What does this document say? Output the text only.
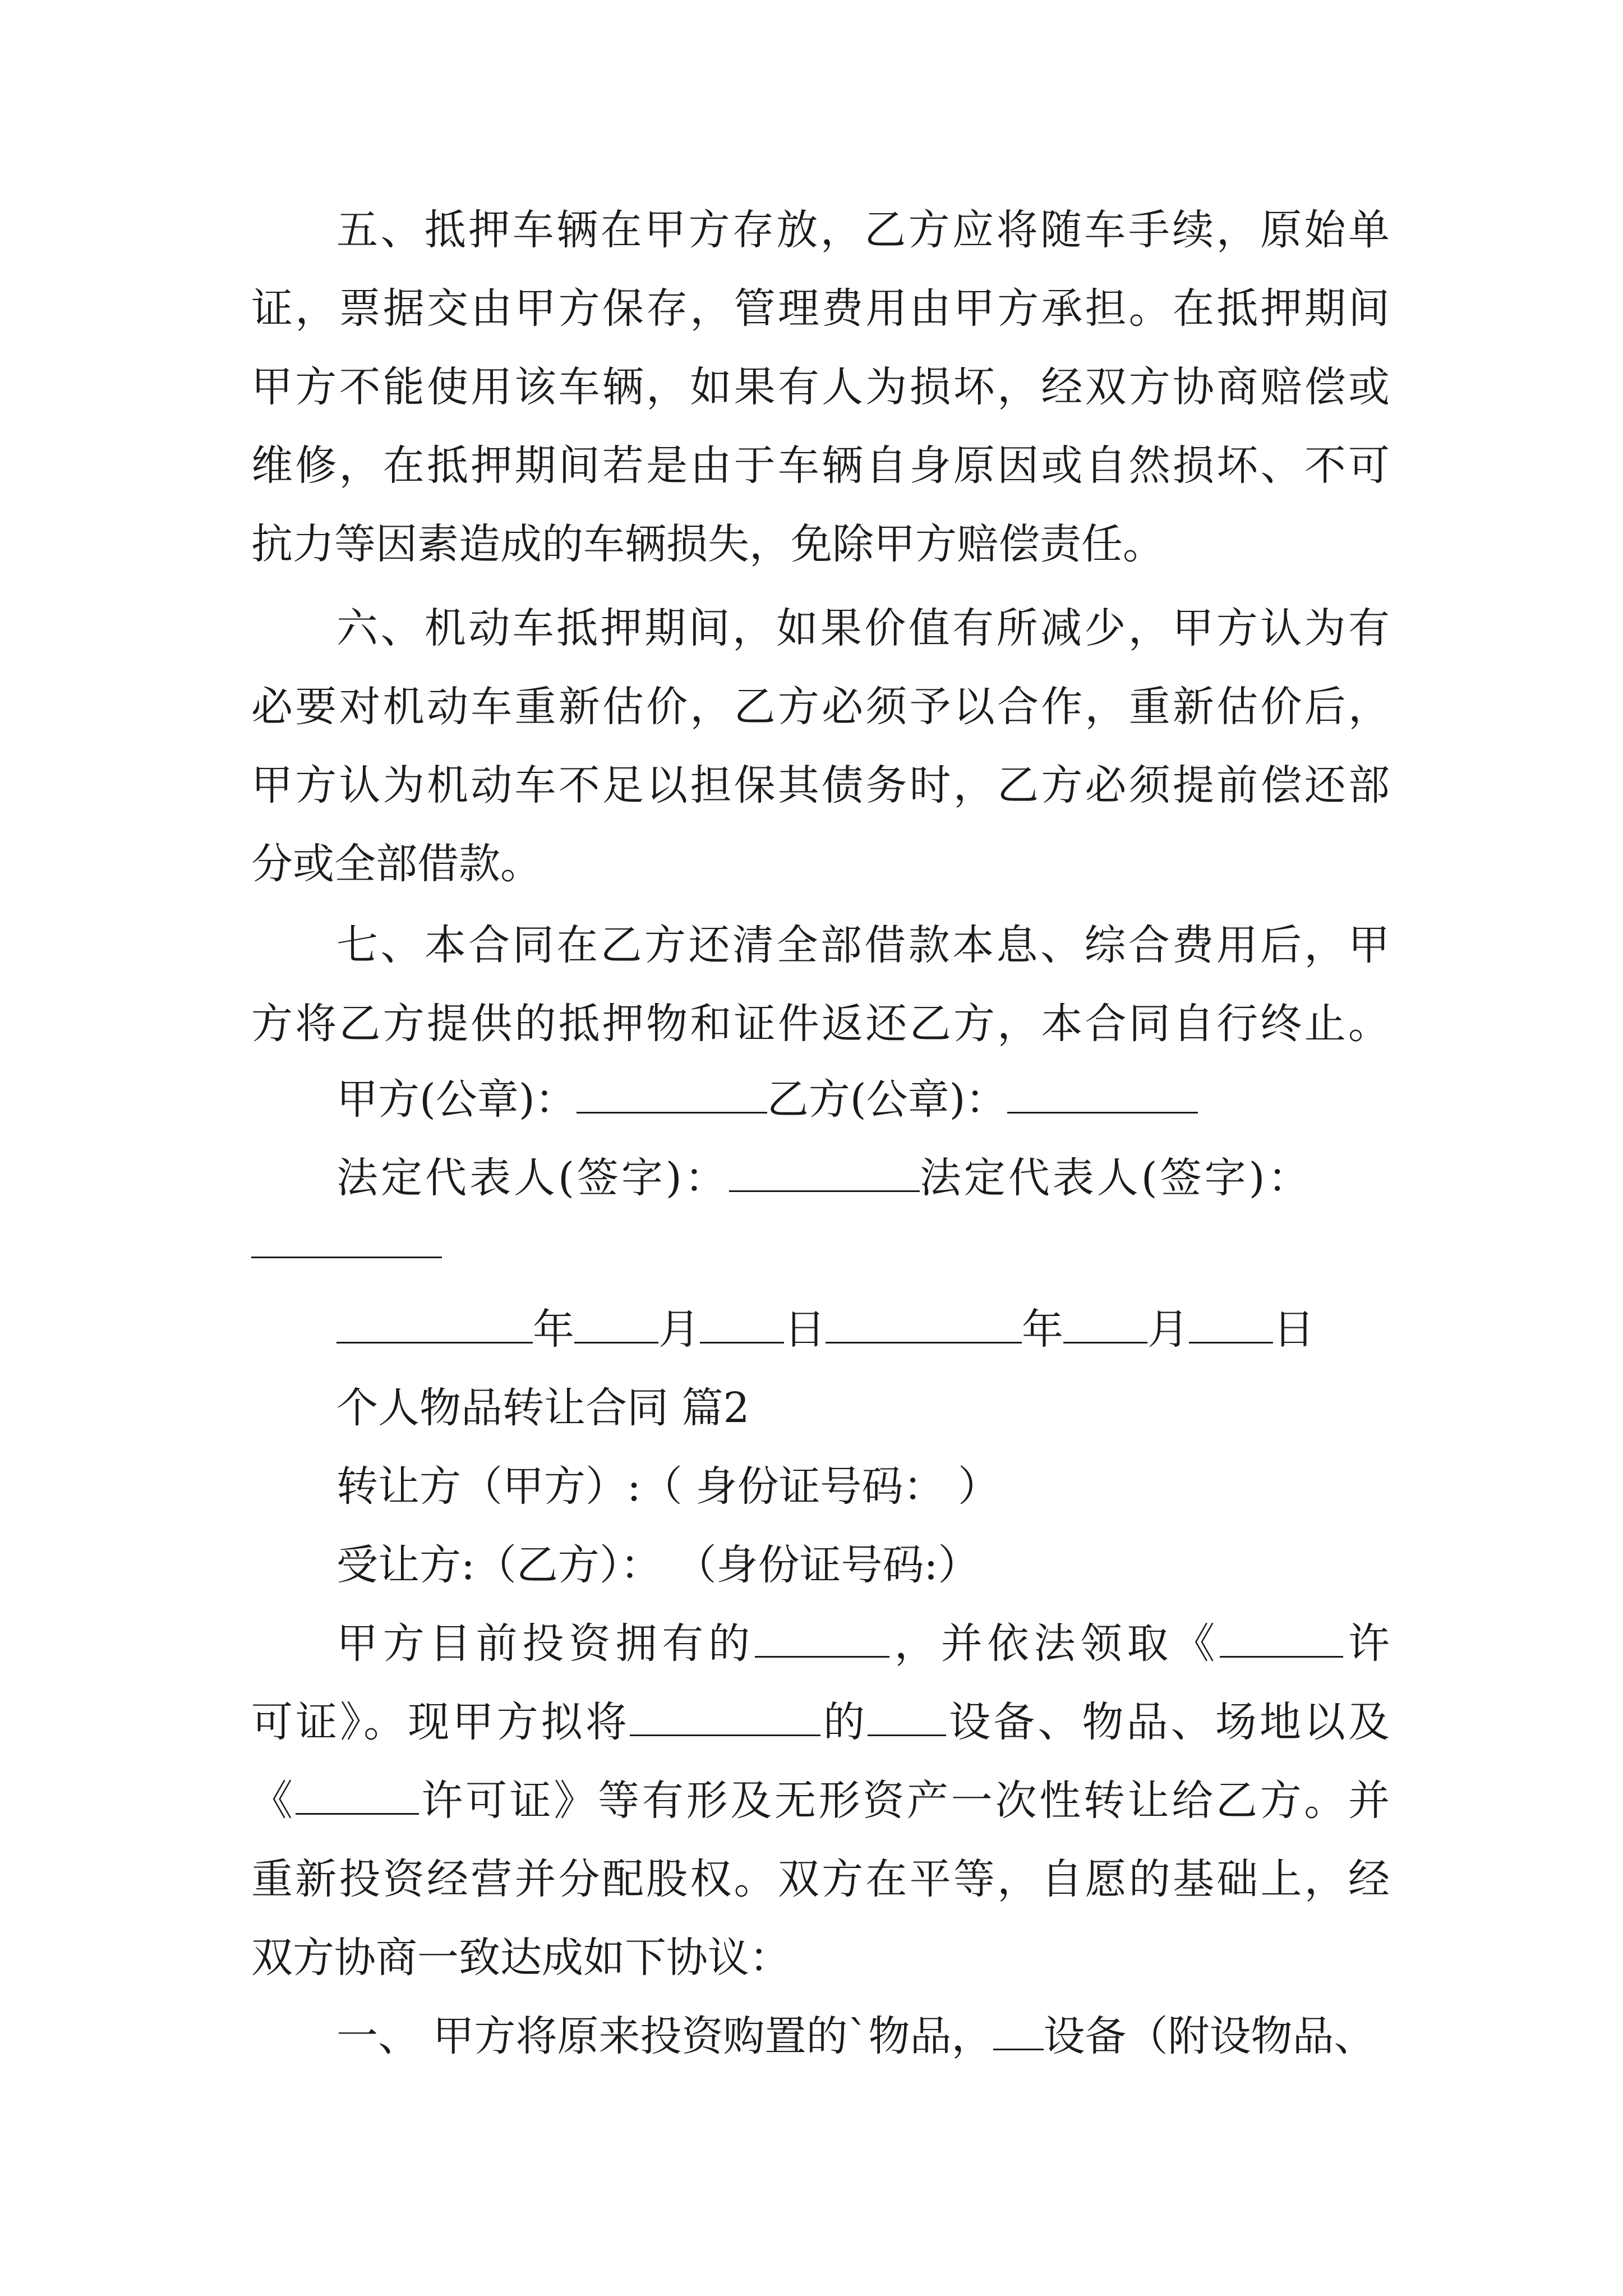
五、抵押车辆在甲方存放，乙方应将随车手续，原始单
证，票据交由甲方保存，管理费用由甲方承担。在抵押期间
甲方不能使用该车辆，如果有人为损坏，经双方协商赔偿或
维修，在抵押期间若是由于车辆自身原因或自然损坏、不可
抗力等因素造成的车辆损失，免除甲方赔偿责任。
六、机动车抵押期间，如果价值有所减少，甲方认为有
必要对机动车重新估价，乙方必须予以合作，重新估价后，
甲方认为机动车不足以担保其债务时，乙方必须提前偿还部
分或全部借款。
七、本合同在乙方还清全部借款本息、综合费用后，甲
方将乙方提供的抵押物和证件返还乙方，本合同自行终止。
甲方(公章)：	乙方(公章)：
法定代表人(签字)：	法定代表人(签字)：
年 月 日	年 月 日
个人物品转让合同 篇2
转让方（甲方）:（ 身份证号码： ）
受让方:（乙方）： （身份证号码:）
甲方目前投资拥有的	，并依法领取《	许
可证》。现甲方拟将	的 设备、物品、场地以及
《	许可证》等有形及无形资产一次性转让给乙方。并
重新投资经营并分配股权。双方在平等，自愿的基础上，经
双方协商一致达成如下协议：
一、 甲方将原来投资购置的`物品， 设备（附设物品、
